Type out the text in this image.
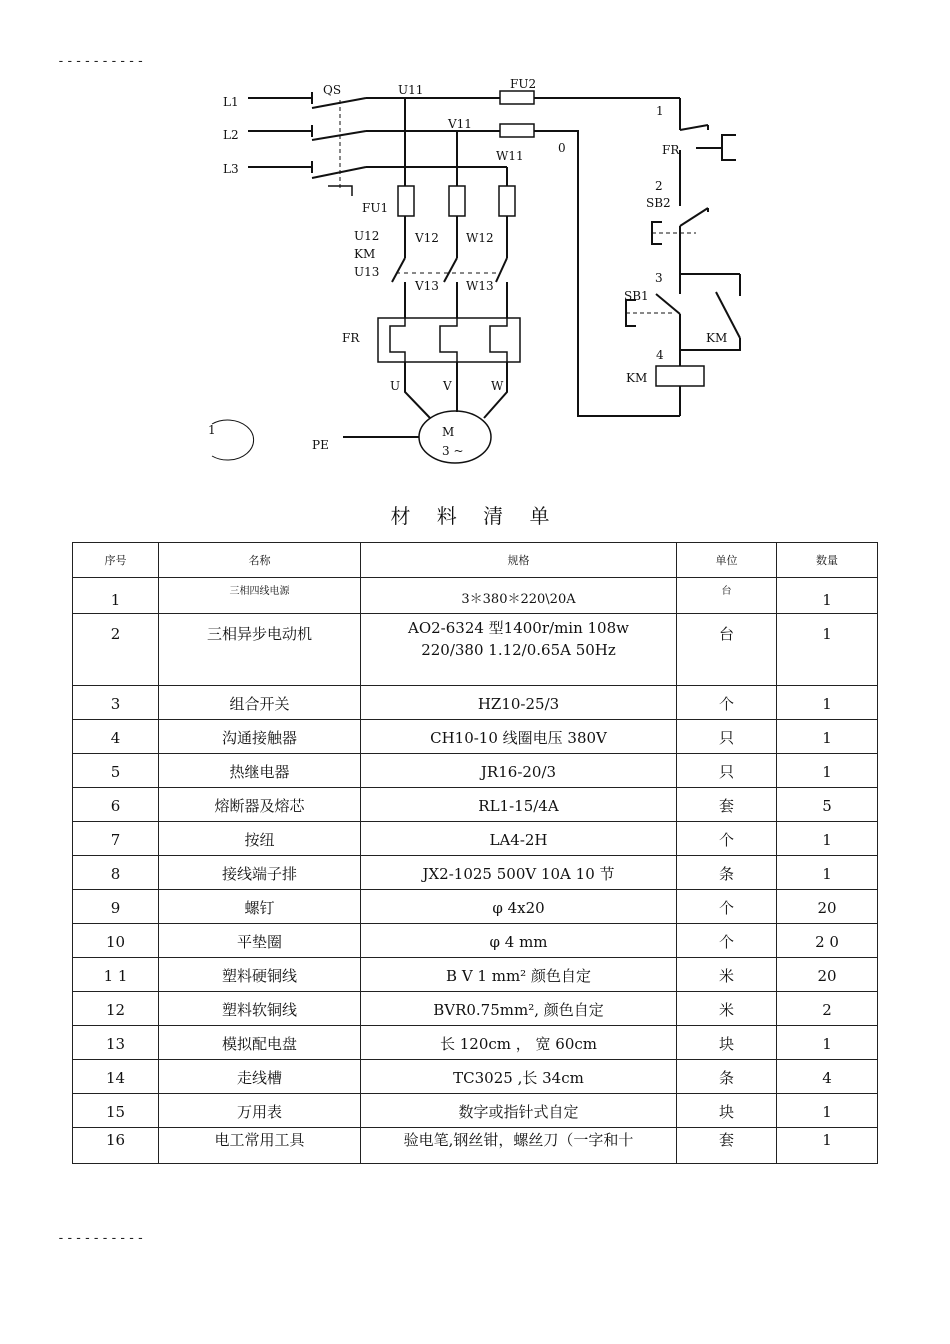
----------
L1
L2
L3
QS
FU1
FU2
U11
V11
W11
U12	V12 W12
KM
U13
V13 W13
FR
U	V	W
M
3 ~
PE
1
0	FR
2
SB2
3
SB1
KM
4
KM
1
材 料 清 单
序号	名称	规格	单位	数量
1	三相四线电源	3＊380＊220\20A	台	1
2	三相异步电动机	AO2-6324 型1400r/min 108w
220/380 1.12/0.65A 50Hz	台	1
3	组合开关	HZ10-25/3	个	1
4	沟通接触器	CH10-10 线圈电压 380V	只	1
5	热继电器	JR16-20/3	只	1
6	熔断器及熔芯	RL1-15/4A	套	5
7	按纽	LA4-2H	个	1
8	接线端子排	JX2-1025 500V 10A 10 节	条	1
9	螺钉	φ 4x20	个	20
10	平垫圈	φ 4 mm	个	2 0
1 1	塑料硬铜线	B V 1 mm² 颜色自定	米	20
12	塑料软铜线	BVR0.75mm², 颜色自定	米	2
13	模拟配电盘	长 120cm ， 宽 60cm	块	1
14	走线槽	TC3025 ,长 34cm	条	4
15	万用表	数字或指针式自定	块	1
16	电工常用工具	验电笔,钢丝钳，螺丝刀（一字和十	套	1
----------
